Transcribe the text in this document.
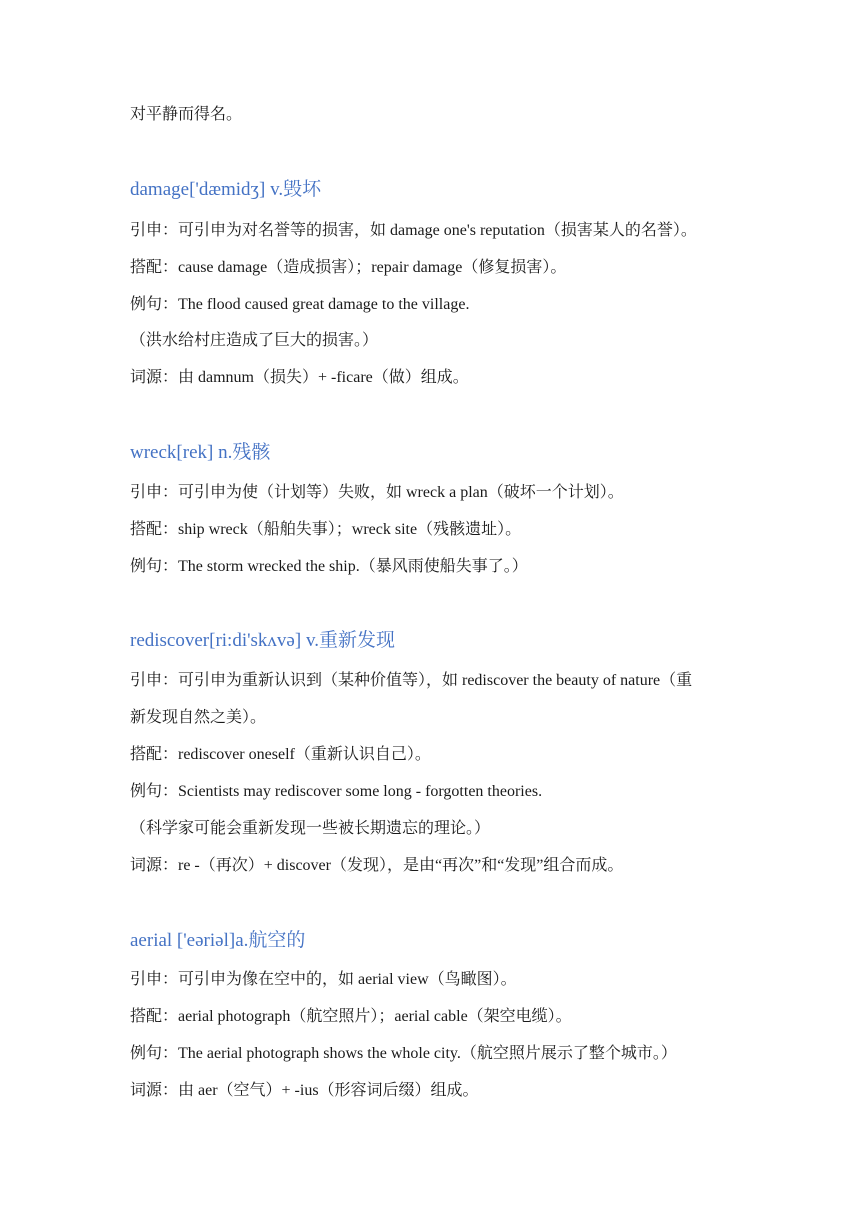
对平静而得名。
damage['dæmidʒ] v.毁坏
引申：可引申为对名誉等的损害，如 damage one's reputation（损害某人的名誉）。
搭配：cause damage（造成损害）；repair damage（修复损害）。
例句：The flood caused great damage to the village.
（洪水给村庄造成了巨大的损害。）
词源：由 damnum（损失）+ -ficare（做）组成。
wreck[rek] n.残骸
引申：可引申为使（计划等）失败，如 wreck a plan（破坏一个计划）。
搭配：ship wreck（船舶失事）；wreck site（残骸遗址）。
例句：The storm wrecked the ship.（暴风雨使船失事了。）
rediscover[ri:di'skʌvə] v.重新发现
引申：可引申为重新认识到（某种价值等），如 rediscover the beauty of nature（重
新发现自然之美）。
搭配：rediscover oneself（重新认识自己）。
例句：Scientists may rediscover some long - forgotten theories.
（科学家可能会重新发现一些被长期遗忘的理论。）
词源：re -（再次）+ discover（发现），是由“再次”和“发现”组合而成。
aerial ['eəriəl]a.航空的
引申：可引申为像在空中的，如 aerial view（鸟瞰图）。
搭配：aerial photograph（航空照片）；aerial cable（架空电缆）。
例句：The aerial photograph shows the whole city.（航空照片展示了整个城市。）
词源：由 aer（空气）+ -ius（形容词后缀）组成。
